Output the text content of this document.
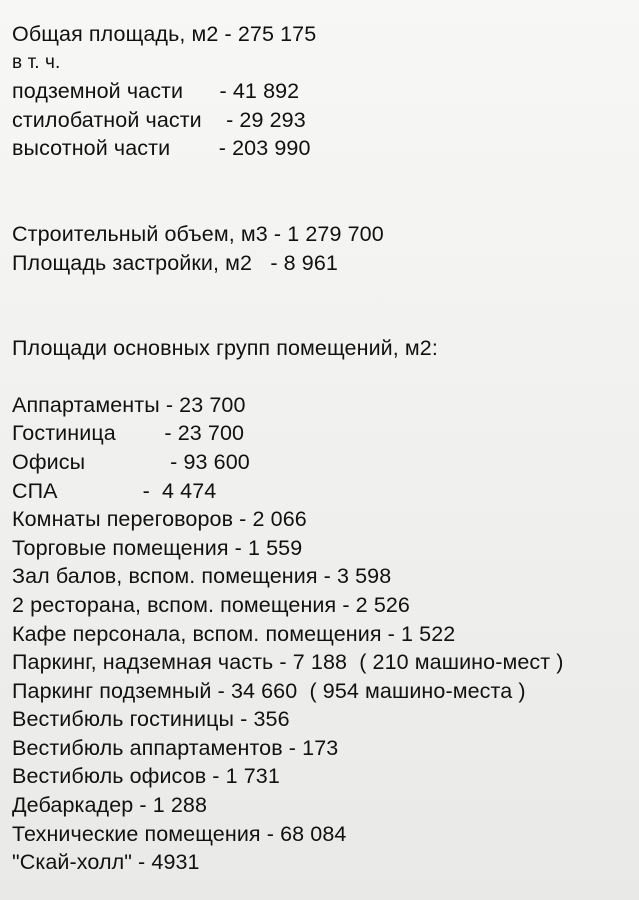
Общая площадь, м2 - 275 175
в т. ч.
подземной части      - 41 892
стилобатной части    - 29 293
высотной части        - 203 990
Строительный объем, м3 - 1 279 700
Площадь застройки, м2   - 8 961
Площади основных групп помещений, м2:
Аппартаменты - 23 700
Гостиница        - 23 700
Офисы              - 93 600
СПА              -  4 474
Комнаты переговоров - 2 066
Торговые помещения - 1 559
Зал балов, вспом. помещения - 3 598
2 ресторана, вспом. помещения - 2 526
Кафе персонала, вспом. помещения - 1 522
Паркинг, надземная часть - 7 188  ( 210 машино-мест )
Паркинг подземный - 34 660  ( 954 машино-места )
Вестибюль гостиницы - 356
Вестибюль аппартаментов - 173
Вестибюль офисов - 1 731
Дебаркадер - 1 288
Технические помещения - 68 084
"Скай-холл" - 4931
